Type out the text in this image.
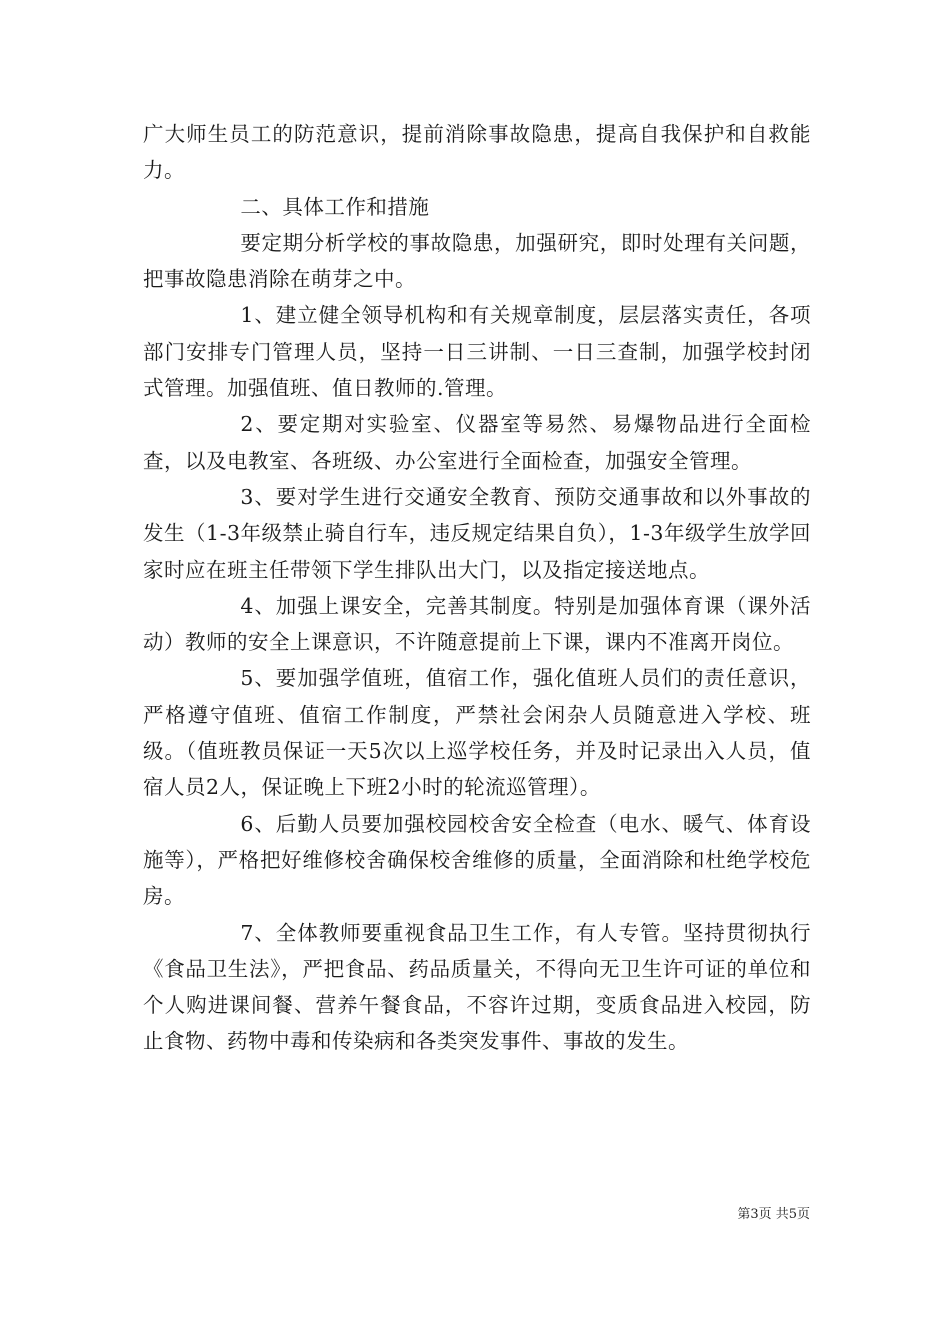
广大师生员工的防范意识，提前消除事故隐患，提高自我保护和自救能力。

二、具体工作和措施

要定期分析学校的事故隐患，加强研究，即时处理有关问题，把事故隐患消除在萌芽之中。

1、建立健全领导机构和有关规章制度，层层落实责任，各项部门安排专门管理人员，坚持一日三讲制、一日三查制，加强学校封闭式管理。加强值班、值日教师的.管理。

2、要定期对实验室、仪器室等易然、易爆物品进行全面检查，以及电教室、各班级、办公室进行全面检查，加强安全管理。

3、要对学生进行交通安全教育、预防交通事故和以外事故的发生（1-3年级禁止骑自行车，违反规定结果自负），1-3年级学生放学回家时应在班主任带领下学生排队出大门，以及指定接送地点。

4、加强上课安全，完善其制度。特别是加强体育课（课外活动）教师的安全上课意识，不许随意提前上下课，课内不准离开岗位。

5、要加强学值班，值宿工作，强化值班人员们的责任意识，严格遵守值班、值宿工作制度，严禁社会闲杂人员随意进入学校、班级。（值班教员保证一天5次以上巡学校任务，并及时记录出入人员，值宿人员2人，保证晚上下班2小时的轮流巡管理）。

6、后勤人员要加强校园校舍安全检查（电水、暖气、体育设施等），严格把好维修校舍确保校舍维修的质量，全面消除和杜绝学校危房。

7、全体教师要重视食品卫生工作，有人专管。坚持贯彻执行《食品卫生法》，严把食品、药品质量关，不得向无卫生许可证的单位和个人购进课间餐、营养午餐食品，不容许过期，变质食品进入校园，防止食物、药物中毒和传染病和各类突发事件、事故的发生。

第3页 共5页
